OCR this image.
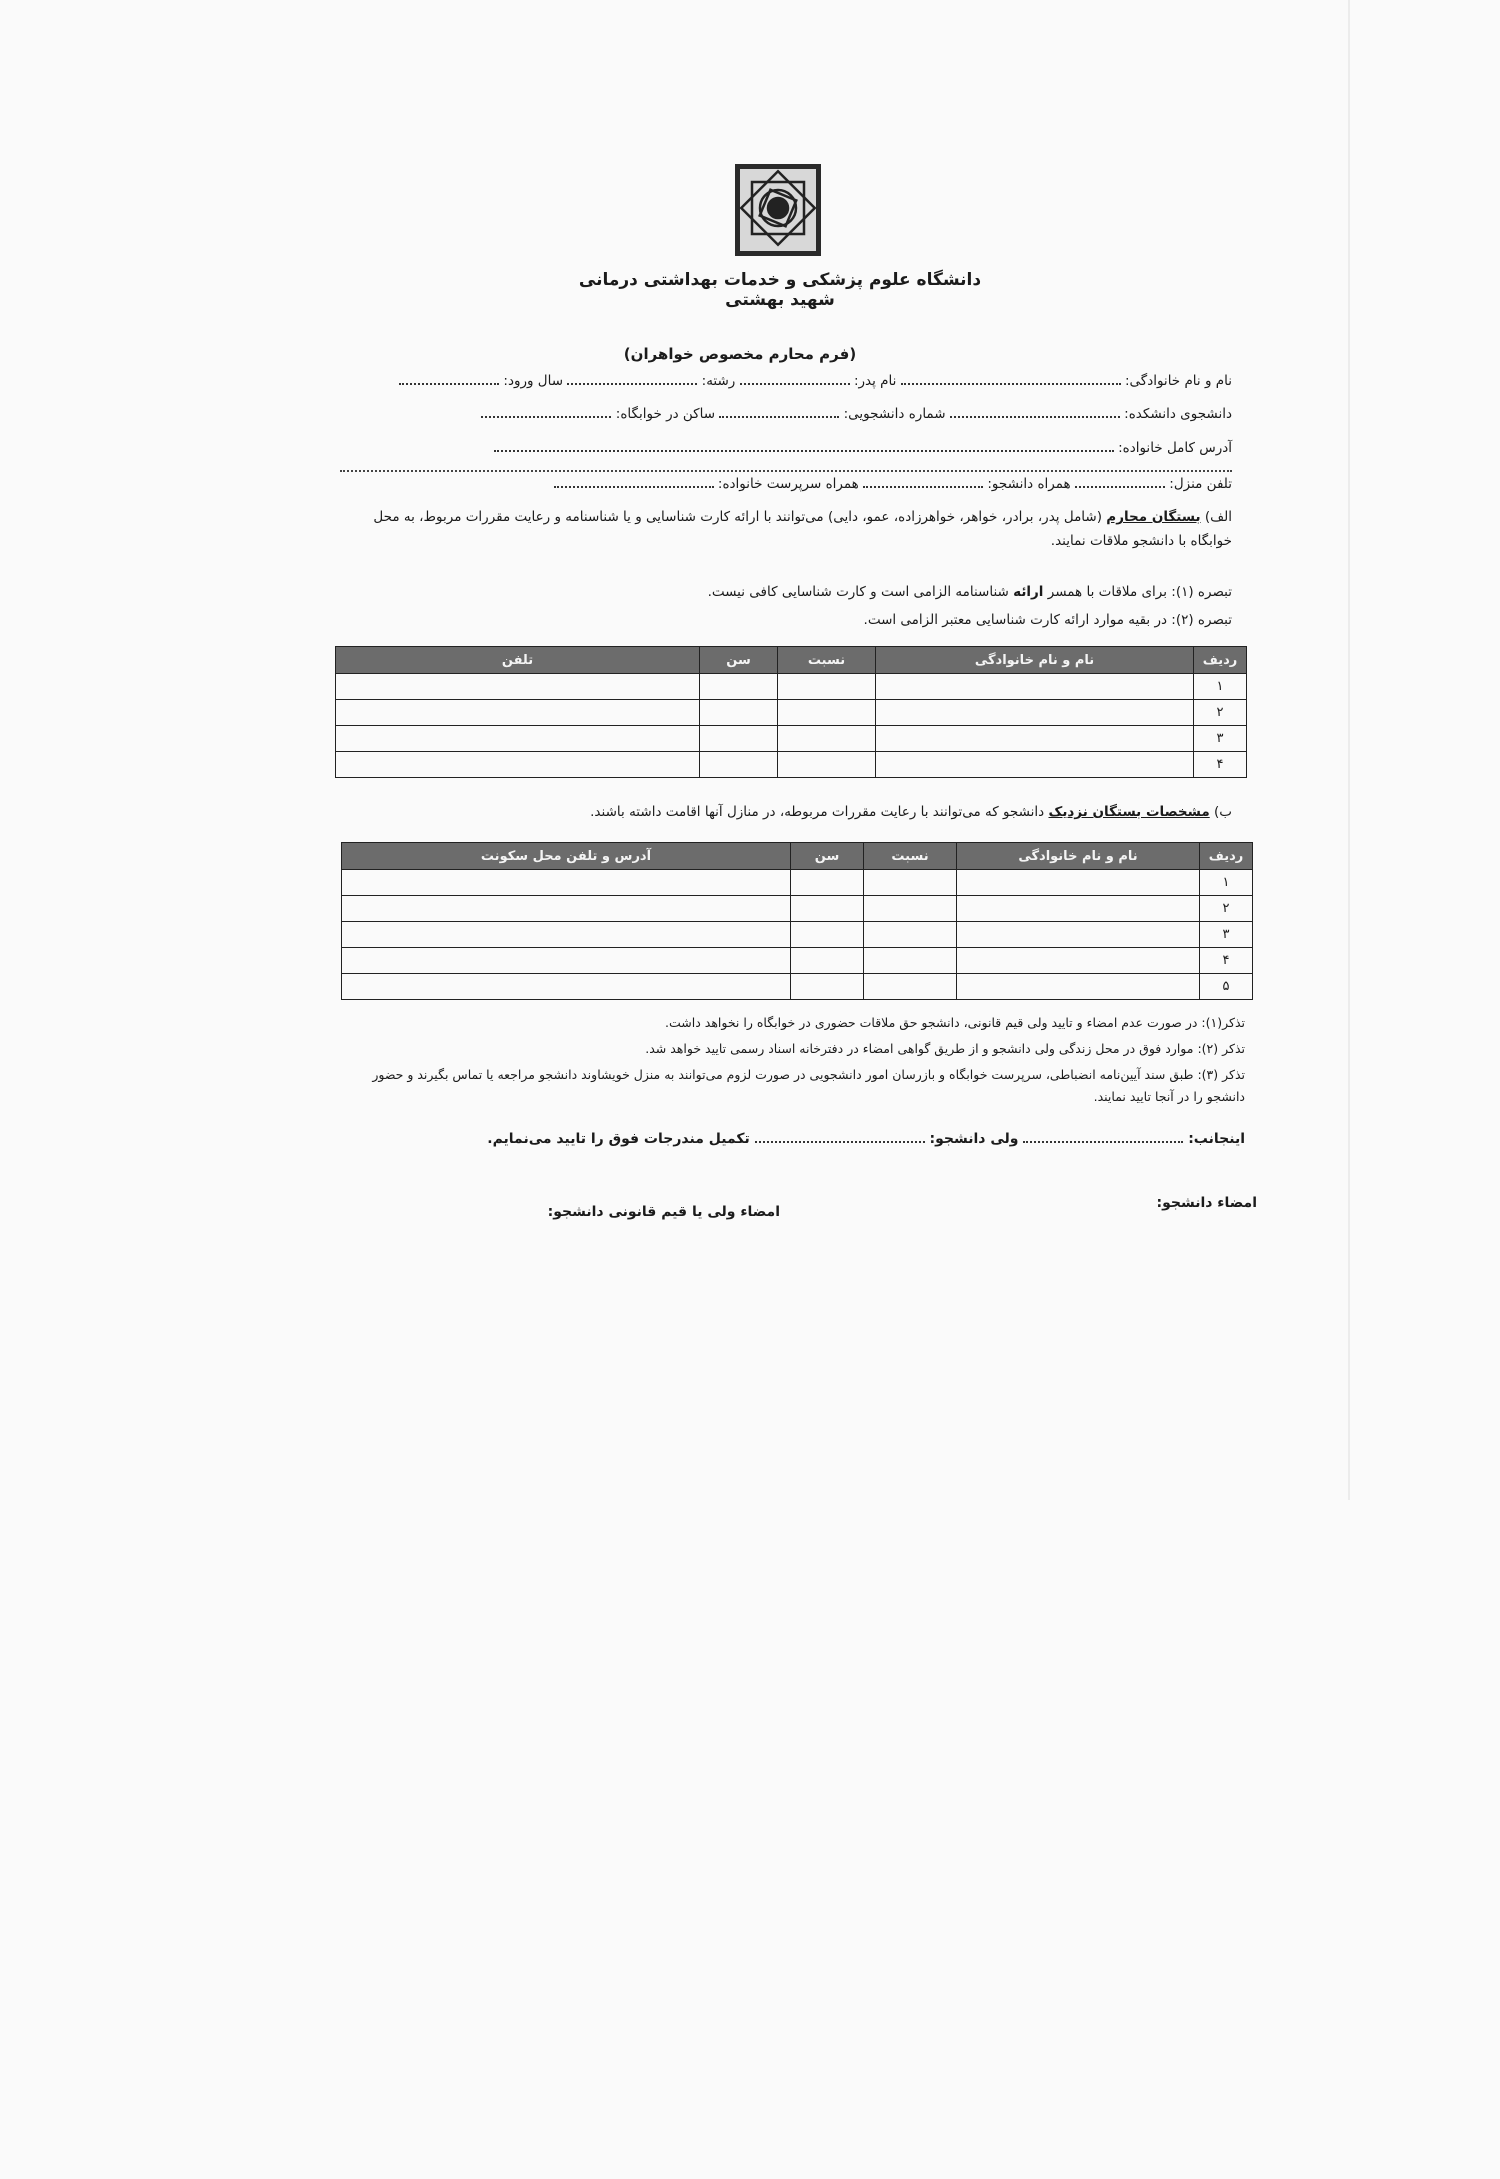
دانشگاه علوم پزشکی و خدمات بهداشتی درمانی شهید بهشتی
(فرم محارم مخصوص خواهران)
نام و نام خانوادگی:  نام پدر:  رشته:  سال ورود:
دانشجوی دانشکده:  شماره دانشجویی:  ساکن در خوابگاه:
آدرس کامل خانواده:
تلفن منزل:  همراه دانشجو:  همراه سرپرست خانواده:
الف) بستگان محارم (شامل پدر، برادر، خواهر، خواهرزاده، عمو، دایی) می‌توانند با ارائه کارت شناسایی و یا شناسنامه و رعایت مقررات مربوط، به محل خوابگاه با دانشجو ملاقات نمایند.
تبصره (۱): برای ملاقات با همسر ارائه شناسنامه الزامی است و کارت شناسایی کافی نیست.
تبصره (۲): در بقیه موارد ارائه کارت شناسایی معتبر الزامی است.
ردیف	نام و نام خانوادگی	نسبت	سن	تلفن
۱				
۲				
۳				
۴				
ب) مشخصات بستگان نزدیک دانشجو که می‌توانند با رعایت مقررات مربوطه، در منازل آنها اقامت داشته باشند.
ردیف	نام و نام خانوادگی	نسبت	سن	آدرس و تلفن محل سکونت
۱				
۲				
۳				
۴				
۵				
تذکر(۱): در صورت عدم امضاء و تایید ولی قیم قانونی، دانشجو حق ملاقات حضوری در خوابگاه را نخواهد داشت.
تذکر (۲): موارد فوق در محل زندگی ولی دانشجو و از طریق گواهی امضاء در دفترخانه اسناد رسمی تایید خواهد شد.
تذکر (۳): طبق سند آیین‌نامه انضباطی، سرپرست خوابگاه و بازرسان امور دانشجویی در صورت لزوم می‌توانند به منزل خویشاوند دانشجو مراجعه یا تماس بگیرند و حضور دانشجو را در آنجا تایید نمایند.
اینجانب:  ولی دانشجو:  تکمیل مندرجات فوق را تایید می‌نمایم.
امضاء دانشجو:
امضاء ولی یا قیم قانونی دانشجو:
